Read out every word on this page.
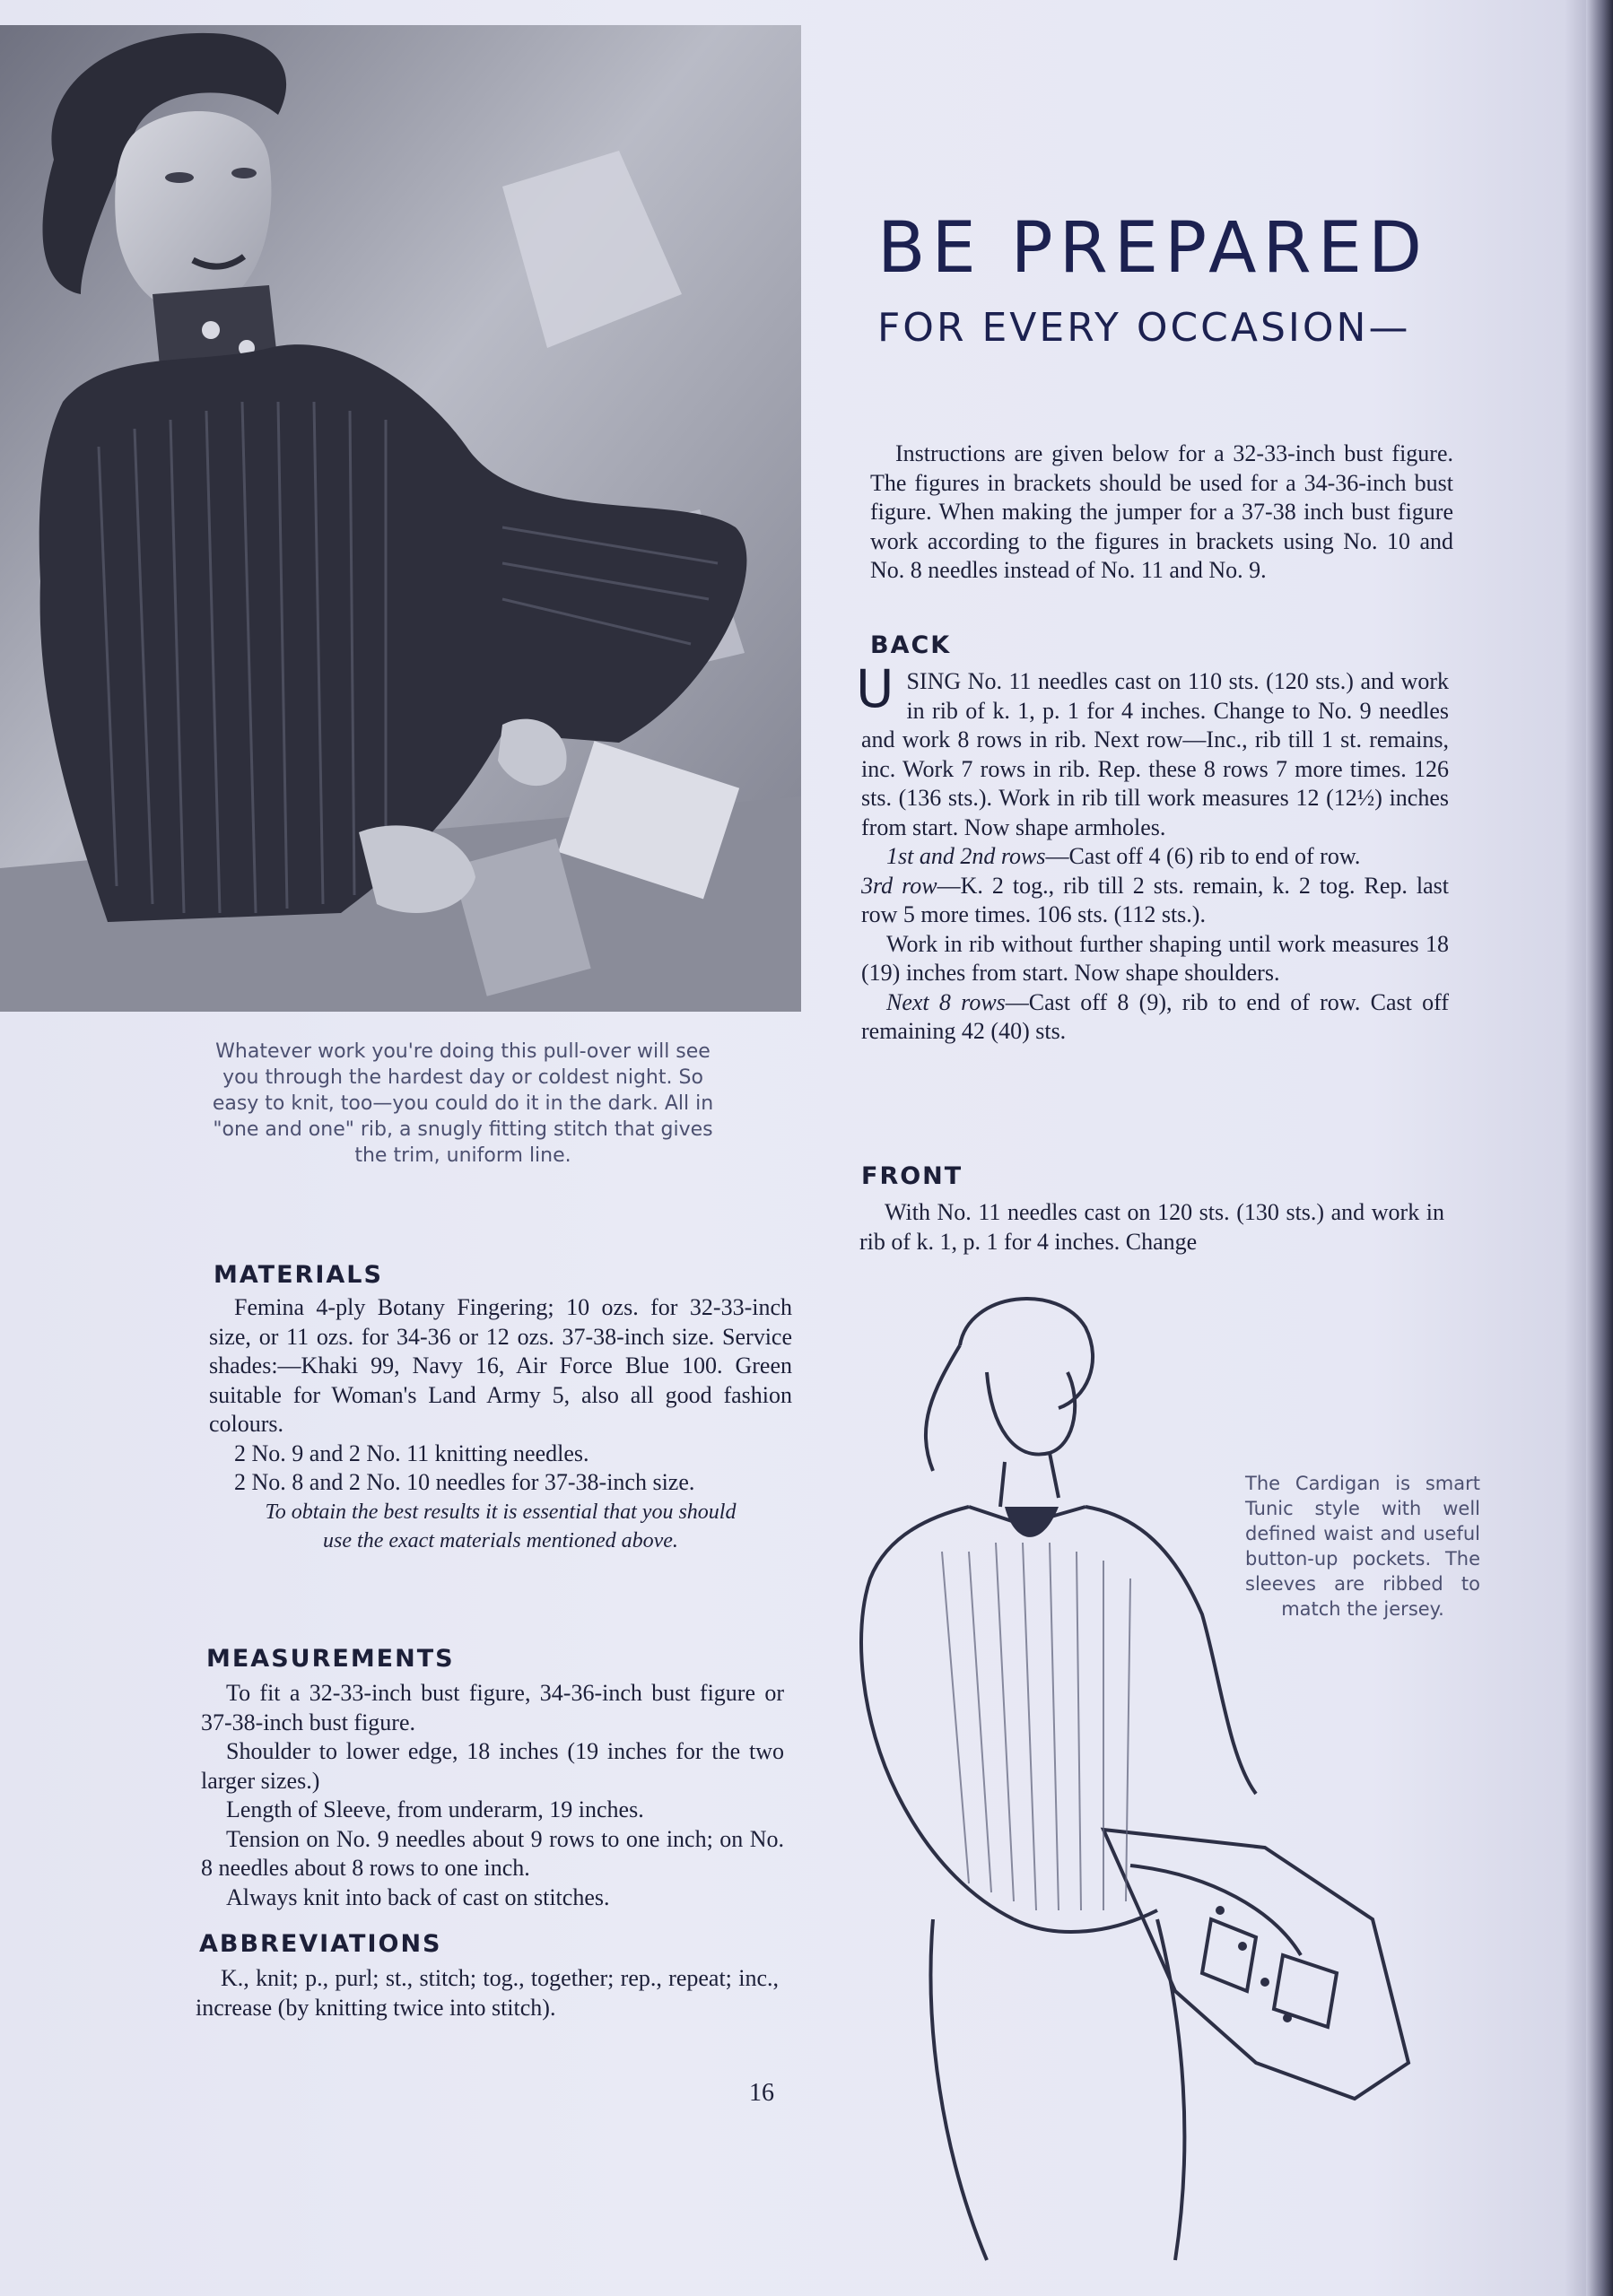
Whatever work you're doing this pull-over will see you through the hardest day or coldest night. So easy to knit, too—you could do it in the dark. All in "one and one" rib, a snugly fitting stitch that gives the trim, uniform line.
BE PREPARED
FOR EVERY OCCASION—
Instructions are given below for a 32-33-inch bust figure. The figures in brackets should be used for a 34-36-inch bust figure. When making the jumper for a 37-38 inch bust figure work according to the figures in brackets using No. 10 and No. 8 needles instead of No. 11 and No. 9.
BACK
USING No. 11 needles cast on 110 sts. (120 sts.) and work in rib of k. 1, p. 1 for 4 inches. Change to No. 9 needles and work 8 rows in rib. Next row—Inc., rib till 1 st. remains, inc. Work 7 rows in rib. Rep. these 8 rows 7 more times. 126 sts. (136 sts.). Work in rib till work measures 12 (12½) inches from start. Now shape armholes.
1st and 2nd rows—Cast off 4 (6) rib to end of row.
3rd row—K. 2 tog., rib till 2 sts. remain, k. 2 tog. Rep. last row 5 more times. 106 sts. (112 sts.).
Work in rib without further shaping until work measures 18 (19) inches from start. Now shape shoulders.
Next 8 rows—Cast off 8 (9), rib to end of row. Cast off remaining 42 (40) sts.
FRONT
With No. 11 needles cast on 120 sts. (130 sts.) and work in rib of k. 1, p. 1 for 4 inches. Change
MATERIALS
Femina 4-ply Botany Fingering; 10 ozs. for 32-33-inch size, or 11 ozs. for 34-36 or 12 ozs. 37-38-inch size. Service shades:—Khaki 99, Navy 16, Air Force Blue 100. Green suitable for Woman's Land Army 5, also all good fashion colours.
2 No. 9 and 2 No. 11 knitting needles.
2 No. 8 and 2 No. 10 needles for 37-38-inch size.
To obtain the best results it is essential that you should use the exact materials mentioned above.
MEASUREMENTS
To fit a 32-33-inch bust figure, 34-36-inch bust figure or 37-38-inch bust figure.
Shoulder to lower edge, 18 inches (19 inches for the two larger sizes.)
Length of Sleeve, from underarm, 19 inches.
Tension on No. 9 needles about 9 rows to one inch; on No. 8 needles about 8 rows to one inch.
Always knit into back of cast on stitches.
ABBREVIATIONS
K., knit; p., purl; st., stitch; tog., together; rep., repeat; inc., increase (by knitting twice into stitch).
The Cardigan is smart Tunic style with well defined waist and useful button-up pockets. The sleeves are ribbed to match the jersey.
16
